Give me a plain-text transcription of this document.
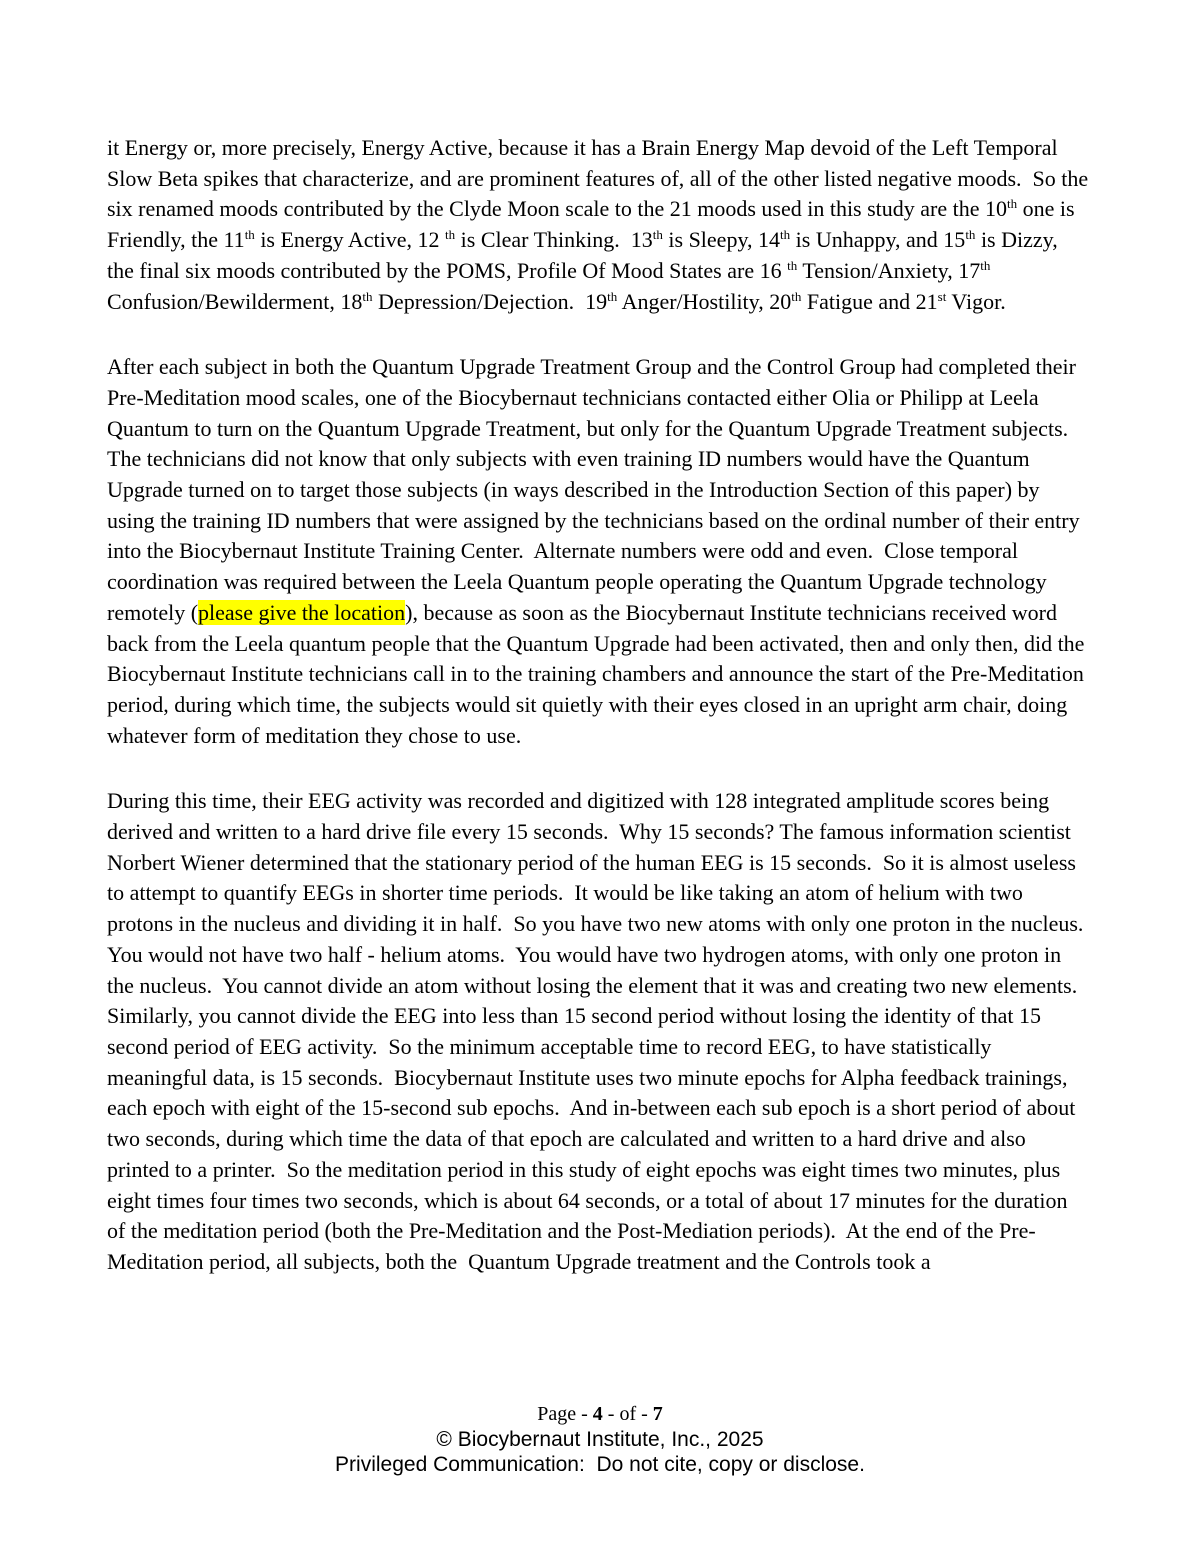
it Energy or, more precisely, Energy Active, because it has a Brain Energy Map devoid of the Left Temporal Slow Beta spikes that characterize, and are prominent features of, all of the other listed negative moods.  So the six renamed moods contributed by the Clyde Moon scale to the 21 moods used in this study are the 10th one is Friendly, the 11th is Energy Active, 12 $^{th}$ is Clear Thinking.  13th is Sleepy, 14th is Unhappy, and 15th is Dizzy, the final six moods contributed by the POMS, Profile Of Mood States are 16 $^{th}$ Tension/Anxiety, 17th Confusion/Bewilderment, 18th Depression/Dejection.  19th Anger/Hostility, 20th Fatigue and 21st Vigor.

After each subject in both the Quantum Upgrade Treatment Group and the Control Group had completed their Pre-Meditation mood scales, one of the Biocybernaut technicians contacted either Olia or Philipp at Leela Quantum to turn on the Quantum Upgrade Treatment, but only for the Quantum Upgrade Treatment subjects.  The technicians did not know that only subjects with even training ID numbers would have the Quantum Upgrade turned on to target those subjects (in ways described in the Introduction Section of this paper) by using the training ID numbers that were assigned by the technicians based on the ordinal number of their entry into the Biocybernaut Institute Training Center.  Alternate numbers were odd and even.  Close temporal coordination was required between the Leela Quantum people operating the Quantum Upgrade technology remotely (please give the location), because as soon as the Biocybernaut Institute technicians received word back from the Leela quantum people that the Quantum Upgrade had been activated, then and only then, did the Biocybernaut Institute technicians call in to the training chambers and announce the start of the Pre-Meditation period, during which time, the subjects would sit quietly with their eyes closed in an upright arm chair, doing whatever form of meditation they chose to use.

During this time, their EEG activity was recorded and digitized with 128 integrated amplitude scores being derived and written to a hard drive file every 15 seconds.  Why 15 seconds? The famous information scientist Norbert Wiener determined that the stationary period of the human EEG is 15 seconds.  So it is almost useless to attempt to quantify EEGs in shorter time periods.  It would be like taking an atom of helium with two protons in the nucleus and dividing it in half.  So you have two new atoms with only one proton in the nucleus.  You would not have two half - helium atoms.  You would have two hydrogen atoms, with only one proton in the nucleus.  You cannot divide an atom without losing the element that it was and creating two new elements.  Similarly, you cannot divide the EEG into less than 15 second period without losing the identity of that 15 second period of EEG activity.  So the minimum acceptable time to record EEG, to have statistically meaningful data, is 15 seconds.  Biocybernaut Institute uses two minute epochs for Alpha feedback trainings, each epoch with eight of the 15-second sub epochs.  And in-between each sub epoch is a short period of about two seconds, during which time the data of that epoch are calculated and written to a hard drive and also printed to a printer.  So the meditation period in this study of eight epochs was eight times two minutes, plus eight times four times two seconds, which is about 64 seconds, or a total of about 17 minutes for the duration of the meditation period (both the Pre-Meditation and the Post-Mediation periods).  At the end of the Pre-Meditation period, all subjects, both the  Quantum Upgrade treatment and the Controls took a

Page - 4 - of - 7
© Biocybernaut Institute, Inc., 2025
Privileged Communication:  Do not cite, copy or disclose.
